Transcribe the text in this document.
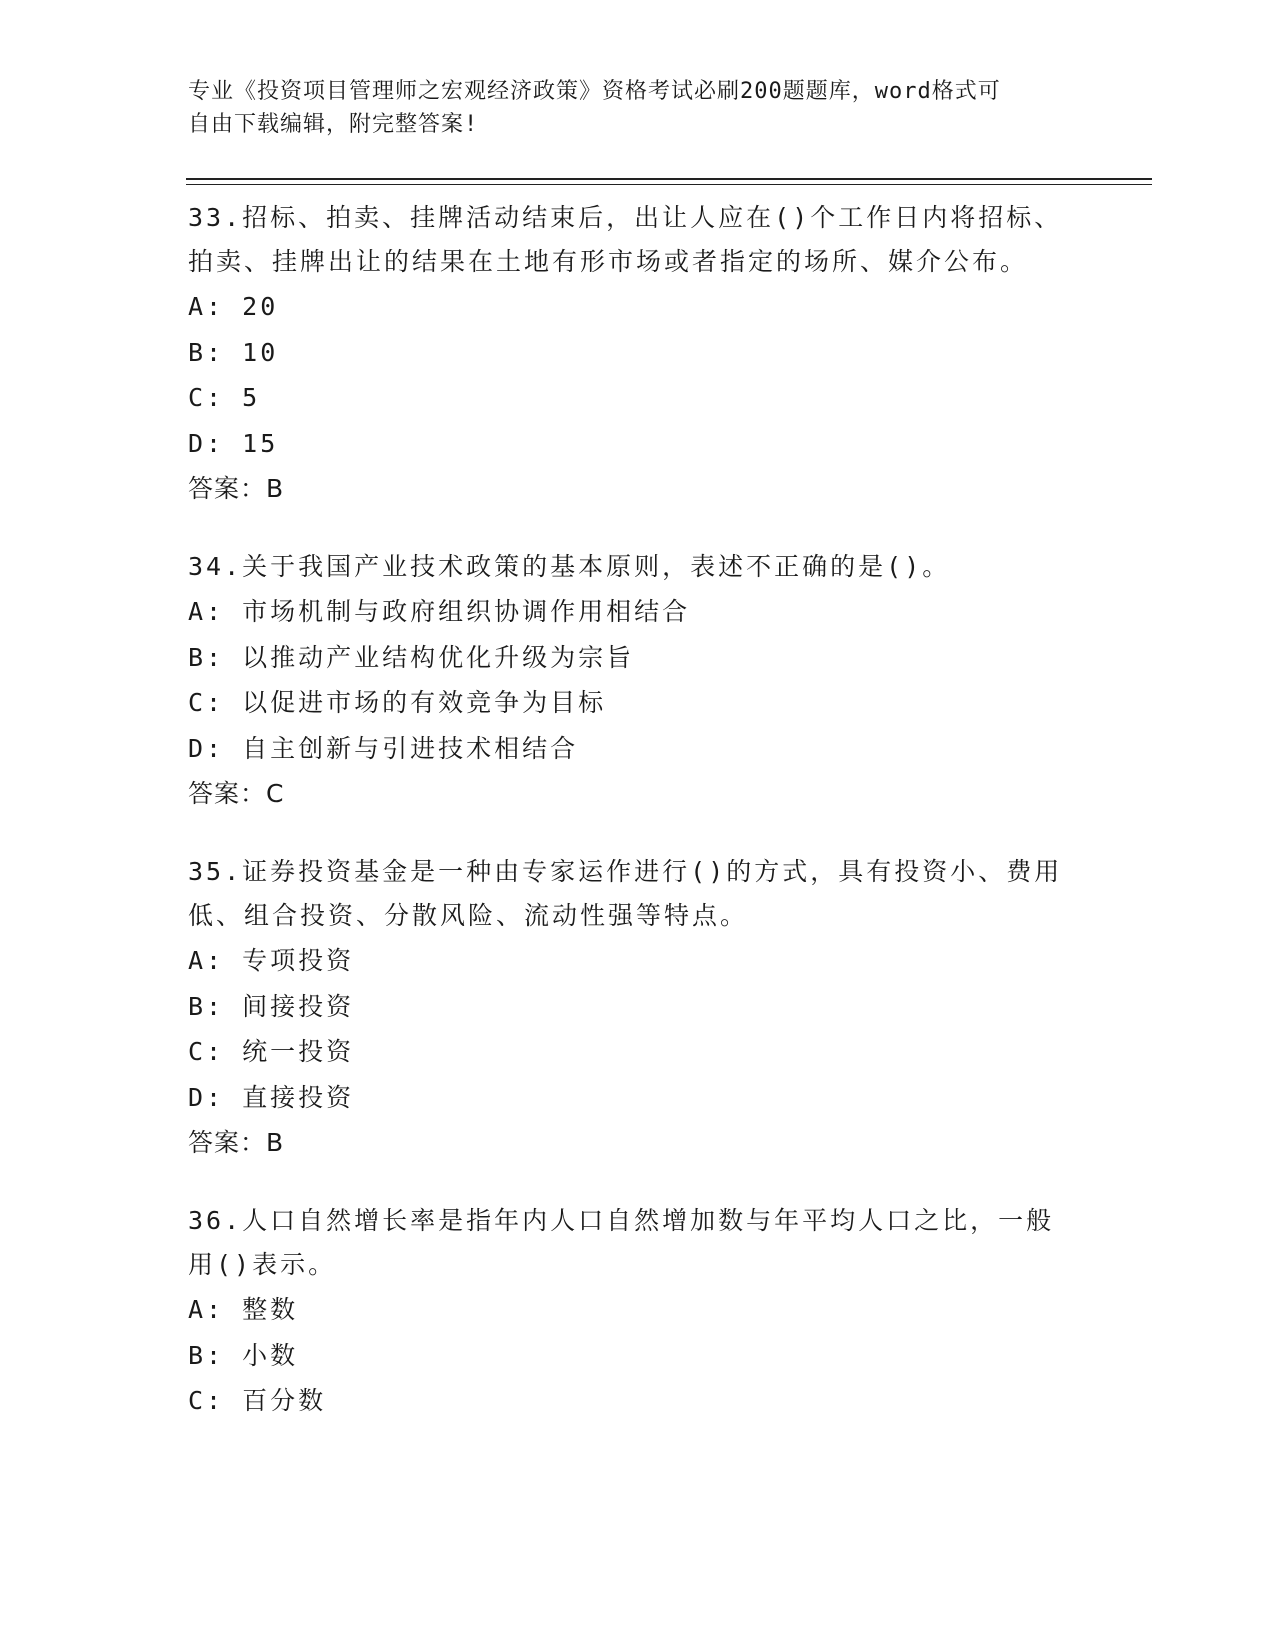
专业《投资项目管理师之宏观经济政策》资格考试必刷200题题库，word格式可
自由下载编辑，附完整答案!

33.招标、拍卖、挂牌活动结束后，出让人应在()个工作日内将招标、

拍卖、挂牌出让的结果在土地有形市场或者指定的场所、媒介公布。

A: 20

B: 10

C: 5

D: 15

答案：B

34.关于我国产业技术政策的基本原则，表述不正确的是()。

A: 市场机制与政府组织协调作用相结合

B: 以推动产业结构优化升级为宗旨

C: 以促进市场的有效竞争为目标

D: 自主创新与引进技术相结合

答案：C

35.证券投资基金是一种由专家运作进行()的方式，具有投资小、费用

低、组合投资、分散风险、流动性强等特点。

A: 专项投资

B: 间接投资

C: 统一投资

D: 直接投资

答案：B

36.人口自然增长率是指年内人口自然增加数与年平均人口之比，一般

用()表示。

A: 整数

B: 小数

C: 百分数
